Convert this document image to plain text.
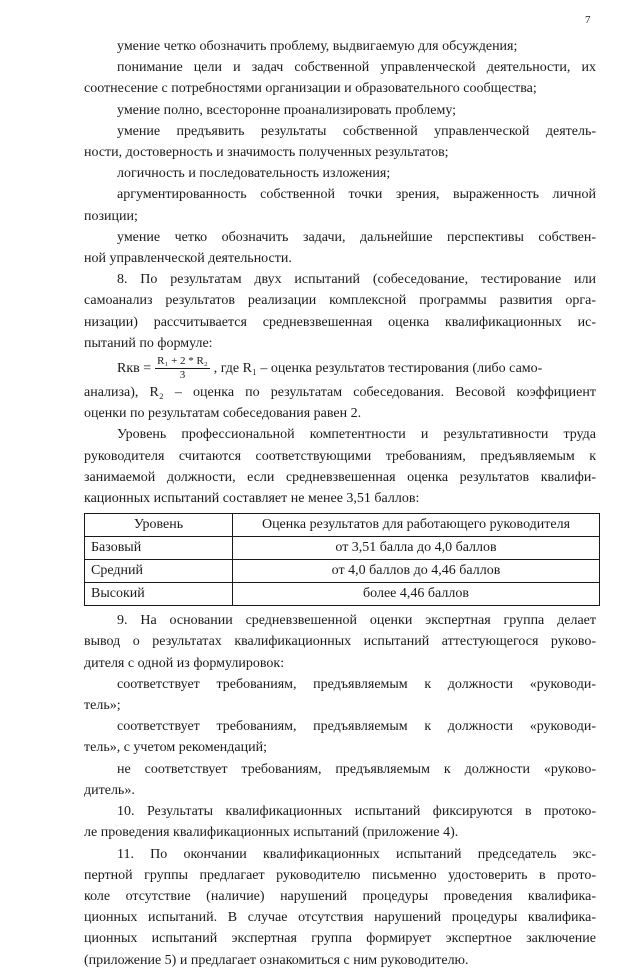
7
умение четко обозначить проблему, выдвигаемую для обсуждения;
понимание цели и задач собственной управленческой деятельности, их
соотнесение с потребностями организации и образовательного сообщества;
умение полно, всесторонне проанализировать проблему;
умение предъявить результаты собственной управленческой деятель-
ности, достоверность и значимость полученных результатов;
логичность и последовательность изложения;
аргументированность собственной точки зрения, выраженность личной
позиции;
умение четко обозначить задачи, дальнейшие перспективы собствен-
ной управленческой деятельности.
8. По результатам двух испытаний (собеседование, тестирование или
самоанализ результатов реализации комплексной программы развития орга-
низации) рассчитывается средневзвешенная оценка квалификационных ис-
пытаний по формуле:
Rкв = $\frac{\text{R₁ + 2 * R₂}}{3}$ , где R₁ – оценка результатов тестирования (либо само-
анализа), R₂ – оценка по результатам собеседования. Весовой коэффициент
оценки по результатам собеседования равен 2.
Уровень профессиональной компетентности и результативности труда
руководителя считаются соответствующими требованиям, предъявляемым к
занимаемой должности, если средневзвешенная оценка результатов квалифи-
кационных испытаний составляет не менее 3,51 баллов:
Уровень	Оценка результатов для работающего руководителя
Базовый	от 3,51 балла до 4,0 баллов
Средний	от 4,0 баллов до 4,46 баллов
Высокий	более 4,46 баллов
9. На основании средневзвешенной оценки экспертная группа делает
вывод о результатах квалификационных испытаний аттестующегося руково-
дителя с одной из формулировок:
соответствует требованиям, предъявляемым к должности «руководи-
тель»;
соответствует требованиям, предъявляемым к должности «руководи-
тель», с учетом рекомендаций;
не соответствует требованиям, предъявляемым к должности «руково-
дитель».
10. Результаты квалификационных испытаний фиксируются в протоко-
ле проведения квалификационных испытаний (приложение 4).
11. По окончании квалификационных испытаний председатель экс-
пертной группы предлагает руководителю письменно удостоверить в прото-
коле отсутствие (наличие) нарушений процедуры проведения квалифика-
ционных испытаний. В случае отсутствия нарушений процедуры квалифика-
ционных испытаний экспертная группа формирует экспертное заключение
(приложение 5) и предлагает ознакомиться с ним руководителю.
